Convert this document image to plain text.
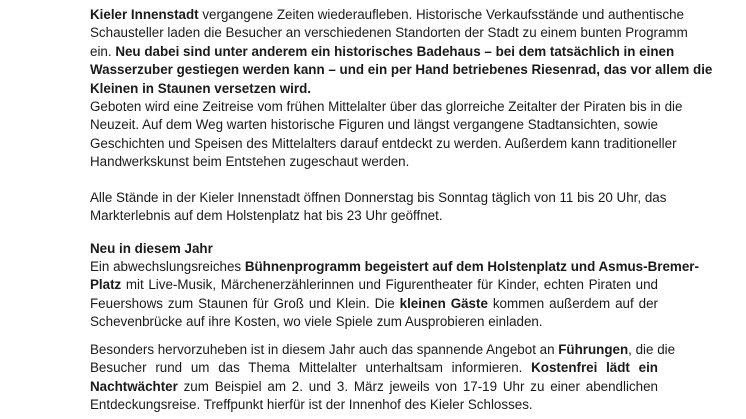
Kieler Innenstadt vergangene Zeiten wiederaufleben. Historische Verkaufsstände und authentische
Schausteller laden die Besucher an verschiedenen Standorten der Stadt zu einem bunten Programm
ein. Neu dabei sind unter anderem ein historisches Badehaus – bei dem tatsächlich in einen
Wasserzuber gestiegen werden kann – und ein per Hand betriebenes Riesenrad, das vor allem die
Kleinen in Staunen versetzen wird.

Geboten wird eine Zeitreise vom frühen Mittelalter über das glorreiche Zeitalter der Piraten bis in die
Neuzeit. Auf dem Weg warten historische Figuren und längst vergangene Stadtansichten, sowie
Geschichten und Speisen des Mittelalters darauf entdeckt zu werden. Außerdem kann traditioneller
Handwerkskunst beim Entstehen zugeschaut werden.

Alle Stände in der Kieler Innenstadt öffnen Donnerstag bis Sonntag täglich von 11 bis 20 Uhr, das
Markterlebnis auf dem Holstenplatz hat bis 23 Uhr geöffnet.

Neu in diesem Jahr

Ein abwechslungsreiches Bühnenprogramm begeistert auf dem Holstenplatz und Asmus-Bremer-
Platz mit Live-Musik, Märchenerzählerinnen und Figurentheater für Kinder, echten Piraten und
Feuershows zum Staunen für Groß und Klein. Die kleinen Gäste kommen außerdem auf der
Schevenbrücke auf ihre Kosten, wo viele Spiele zum Ausprobieren einladen.

Besonders hervorzuheben ist in diesem Jahr auch das spannende Angebot an Führungen, die die
Besucher rund um das Thema Mittelalter unterhaltsam informieren. Kostenfrei lädt ein
Nachtwächter zum Beispiel am 2. und 3. März jeweils von 17-19 Uhr zu einer abendlichen
Entdeckungsreise. Treffpunkt hierfür ist der Innenhof des Kieler Schlosses.
